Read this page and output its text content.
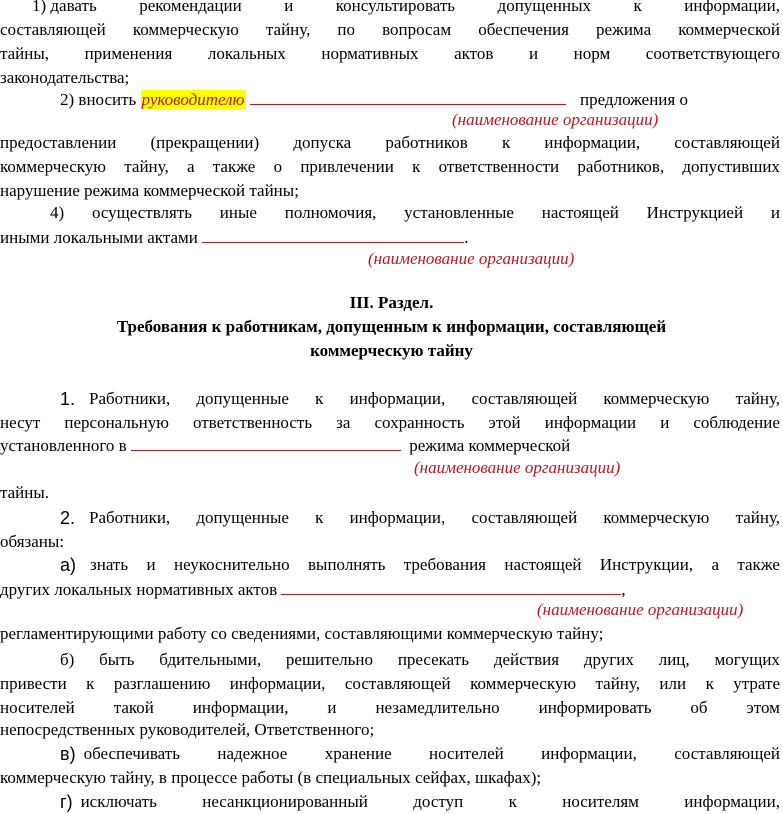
1) давать рекомендации и консультировать допущенных к информации,
составляющей коммерческую тайну, по вопросам обеспечения режима коммерческой
тайны, применения локальных нормативных актов и норм соответствующего
законодательства;
2) вносить руководителю	предложения о
(наименование организации)
предоставлении (прекращении) допуска работников к информации, составляющей
коммерческую тайну, а также о привлечении к ответственности работников, допустивших
нарушение режима коммерческой тайны;
4) осуществлять иные полномочия, установленные настоящей Инструкцией и
иными локальными актами	.
(наименование организации)
III. Раздел.
Требования к работникам, допущенным к информации, составляющей
коммерческую тайну
1. Работники, допущенные к информации, составляющей коммерческую тайну,
несут персональную ответственность за сохранность этой информации и соблюдение
установленного в	режима коммерческой
(наименование организации)
тайны.
2. Работники, допущенные к информации, составляющей коммерческую тайну,
обязаны:
а) знать и неукоснительно выполнять требования настоящей Инструкции, а также
других локальных нормативных актов	,
(наименование организации)
регламентирующими работу со сведениями, составляющими коммерческую тайну;
б) быть бдительными, решительно пресекать действия других лиц, могущих
привести к разглашению информации, составляющей коммерческую тайну, или к утрате
носителей такой информации, и незамедлительно информировать об этом
непосредственных руководителей, Ответственного;
в) обеспечивать надежное хранение носителей информации, составляющей
коммерческую тайну, в процессе работы (в специальных сейфах, шкафах);
г) исключать	несанкционированный	доступ	к	носителям	информации,
